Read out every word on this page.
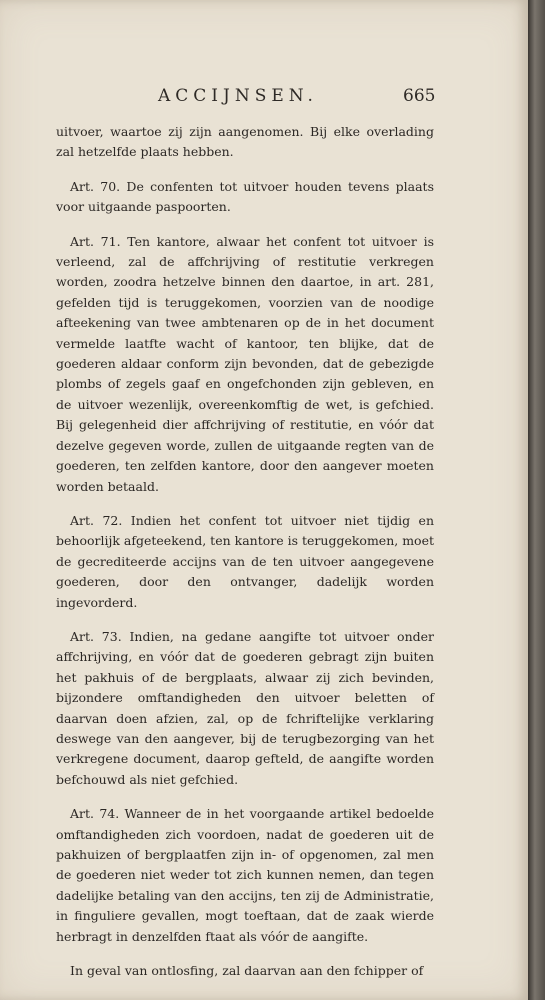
ACCIJNSEN.	665

uitvoer, waartoe zij zijn aangenomen. Bij elke overlading zal hetzelfde plaats hebben.

Art. 70. De confenten tot uitvoer houden tevens plaats voor uitgaande paspoorten.

Art. 71. Ten kantore, alwaar het confent tot uitvoer is verleend, zal de affchrijving of restitutie verkregen worden, zoodra hetzelve binnen den daartoe, in art. 281, gefelden tijd is teruggekomen, voorzien van de noodige afteekening van twee ambtenaren op de in het document vermelde laatfte wacht of kantoor, ten blijke, dat de goederen aldaar conform zijn bevonden, dat de gebezigde plombs of zegels gaaf en ongefchonden zijn gebleven, en de uitvoer wezenlijk, overeenkomftig de wet, is gefchied. Bij gelegenheid dier affchrijving of restitutie, en vóór dat dezelve gegeven worde, zullen de uitgaande regten van de goederen, ten zelfden kantore, door den aangever moeten worden betaald.

Art. 72. Indien het confent tot uitvoer niet tijdig en behoorlijk afgeteekend, ten kantore is teruggekomen, moet de gecrediteerde accijns van de ten uitvoer aangegevene goederen, door den ontvanger, dadelijk worden ingevorderd.

Art. 73. Indien, na gedane aangifte tot uitvoer onder affchrijving, en vóór dat de goederen gebragt zijn buiten het pakhuis of de bergplaats, alwaar zij zich bevinden, bijzondere omftandigheden den uitvoer beletten of daarvan doen afzien, zal, op de fchriftelijke verklaring deswege van den aangever, bij de terugbezorging van het verkregene document, daarop gefteld, de aangifte worden befchouwd als niet gefchied.

Art. 74. Wanneer de in het voorgaande artikel bedoelde omftandigheden zich voordoen, nadat de goederen uit de pakhuizen of bergplaatfen zijn in- of opgenomen, zal men de goederen niet weder tot zich kunnen nemen, dan tegen dadelijke betaling van den accijns, ten zij de Administratie, in finguliere gevallen, mogt toeftaan, dat de zaak wierde herbragt in denzelfden ftaat als vóór de aangifte.

In geval van ontlosfing, zal daarvan aan den fchipper of
